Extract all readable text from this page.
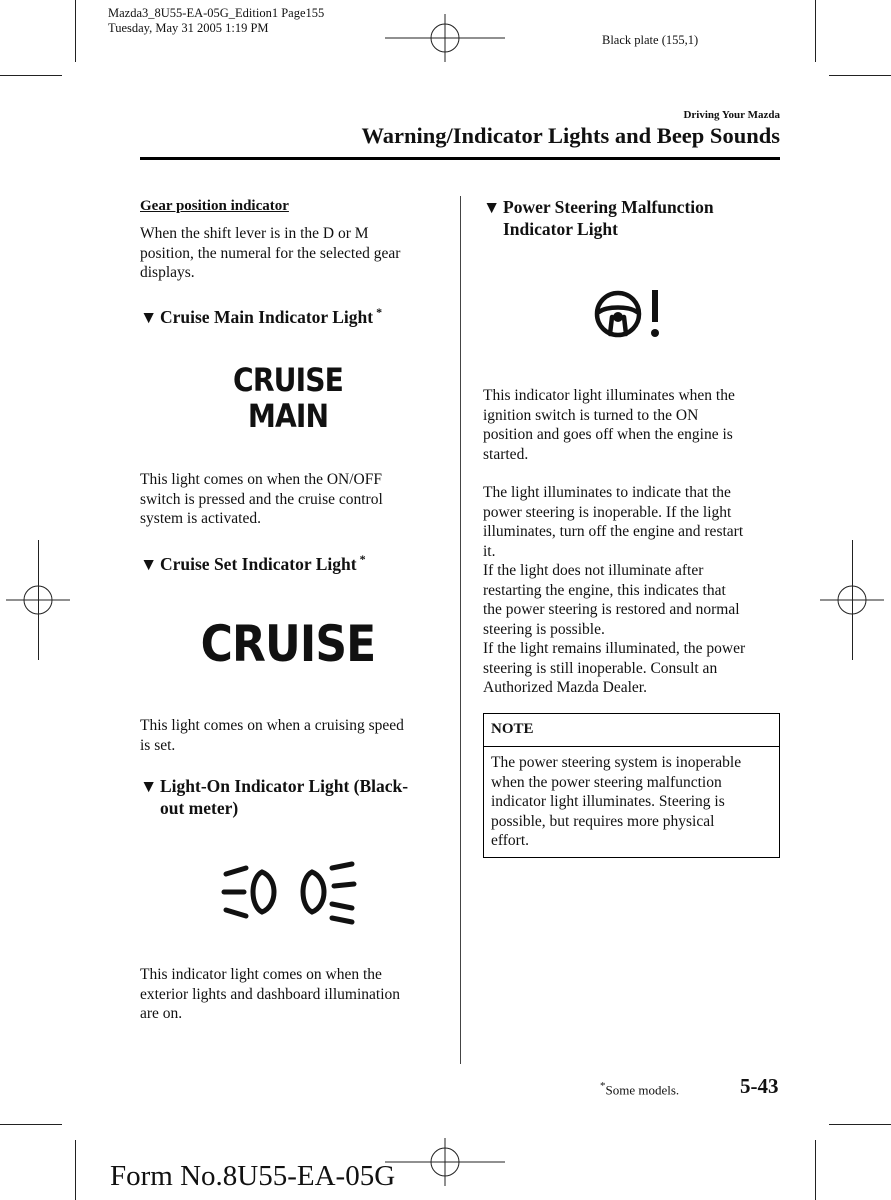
Mazda3_8U55-EA-05G_Edition1 Page155
Tuesday, May 31 2005 1:19 PM
Black plate (155,1)
Driving Your Mazda
Warning/Indicator Lights and Beep Sounds
Gear position indicator
When the shift lever is in the D or M
position, the numeral for the selected gear
displays.
▼ Cruise Main Indicator Light *
CRUISE
MAIN
This light comes on when the ON/OFF
switch is pressed and the cruise control
system is activated.
▼ Cruise Set Indicator Light *
CRUISE
This light comes on when a cruising speed
is set.
▼ Light-On Indicator Light (Black-
out meter)
This indicator light comes on when the
exterior lights and dashboard illumination
are on.
▼ Power Steering Malfunction
Indicator Light
This indicator light illuminates when the
ignition switch is turned to the ON
position and goes off when the engine is
started.
The light illuminates to indicate that the
power steering is inoperable. If the light
illuminates, turn off the engine and restart
it.
If the light does not illuminate after
restarting the engine, this indicates that
the power steering is restored and normal
steering is possible.
If the light remains illuminated, the power
steering is still inoperable. Consult an
Authorized Mazda Dealer.
NOTE
The power steering system is inoperable
when the power steering malfunction
indicator light illuminates. Steering is
possible, but requires more physical
effort.
*Some models.	5-43
Form No.8U55-EA-05G
